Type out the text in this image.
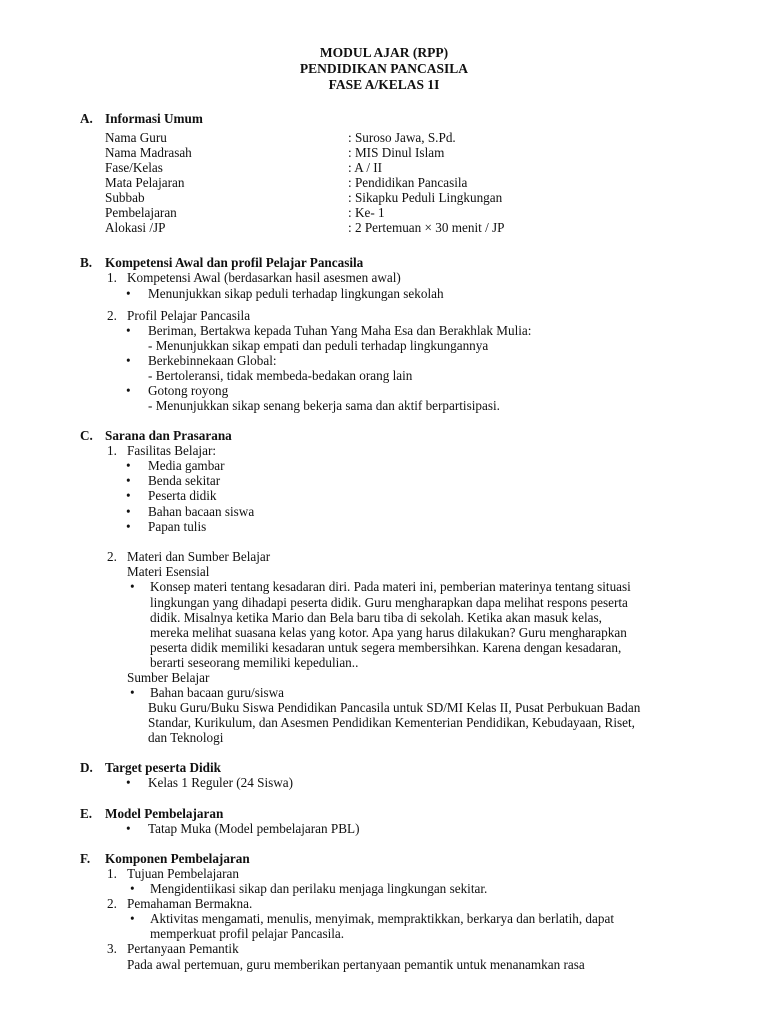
MODUL AJAR (RPP)
PENDIDIKAN PANCASILA
FASE A/KELAS 1I
A. Informasi Umum
Nama Guru	: Suroso Jawa, S.Pd.
Nama Madrasah	: MIS Dinul Islam
Fase/Kelas	: A / II
Mata Pelajaran	: Pendidikan Pancasila
Subbab	: Sikapku Peduli Lingkungan
Pembelajaran	: Ke- 1
Alokasi /JP	: 2 Pertemuan × 30 menit / JP
B. Kompetensi Awal dan profil Pelajar Pancasila
1. Kompetensi Awal (berdasarkan hasil asesmen awal)
• Menunjukkan sikap peduli terhadap lingkungan sekolah
2. Profil Pelajar Pancasila
• Beriman, Bertakwa kepada Tuhan Yang Maha Esa dan Berakhlak Mulia:
- Menunjukkan sikap empati dan peduli terhadap lingkungannya
• Berkebinnekaan Global:
- Bertoleransi, tidak membeda-bedakan orang lain
• Gotong royong
- Menunjukkan sikap senang bekerja sama dan aktif berpartisipasi.
C. Sarana dan Prasarana
1. Fasilitas Belajar:
• Media gambar
• Benda sekitar
• Peserta didik
• Bahan bacaan siswa
• Papan tulis
2. Materi dan Sumber Belajar
Materi Esensial
• Konsep materi tentang kesadaran diri. Pada materi ini, pemberian materinya tentang situasi
lingkungan yang dihadapi peserta didik. Guru mengharapkan dapa melihat respons peserta
didik. Misalnya ketika Mario dan Bela baru tiba di sekolah. Ketika akan masuk kelas,
mereka melihat suasana kelas yang kotor. Apa yang harus dilakukan? Guru mengharapkan
peserta didik memiliki kesadaran untuk segera membersihkan. Karena dengan kesadaran,
berarti seseorang memiliki kepedulian..
Sumber Belajar
• Bahan bacaan guru/siswa
Buku Guru/Buku Siswa Pendidikan Pancasila untuk SD/MI Kelas II, Pusat Perbukuan Badan
Standar, Kurikulum, dan Asesmen Pendidikan Kementerian Pendidikan, Kebudayaan, Riset,
dan Teknologi
D. Target peserta Didik
• Kelas 1 Reguler (24 Siswa)
E. Model Pembelajaran
• Tatap Muka (Model pembelajaran PBL)
F. Komponen Pembelajaran
1. Tujuan Pembelajaran
• Mengidentiikasi sikap dan perilaku menjaga lingkungan sekitar.
2. Pemahaman Bermakna.
• Aktivitas mengamati, menulis, menyimak, mempraktikkan, berkarya dan berlatih, dapat
memperkuat profil pelajar Pancasila.
3. Pertanyaan Pemantik
Pada awal pertemuan, guru memberikan pertanyaan pemantik untuk menanamkan rasa
